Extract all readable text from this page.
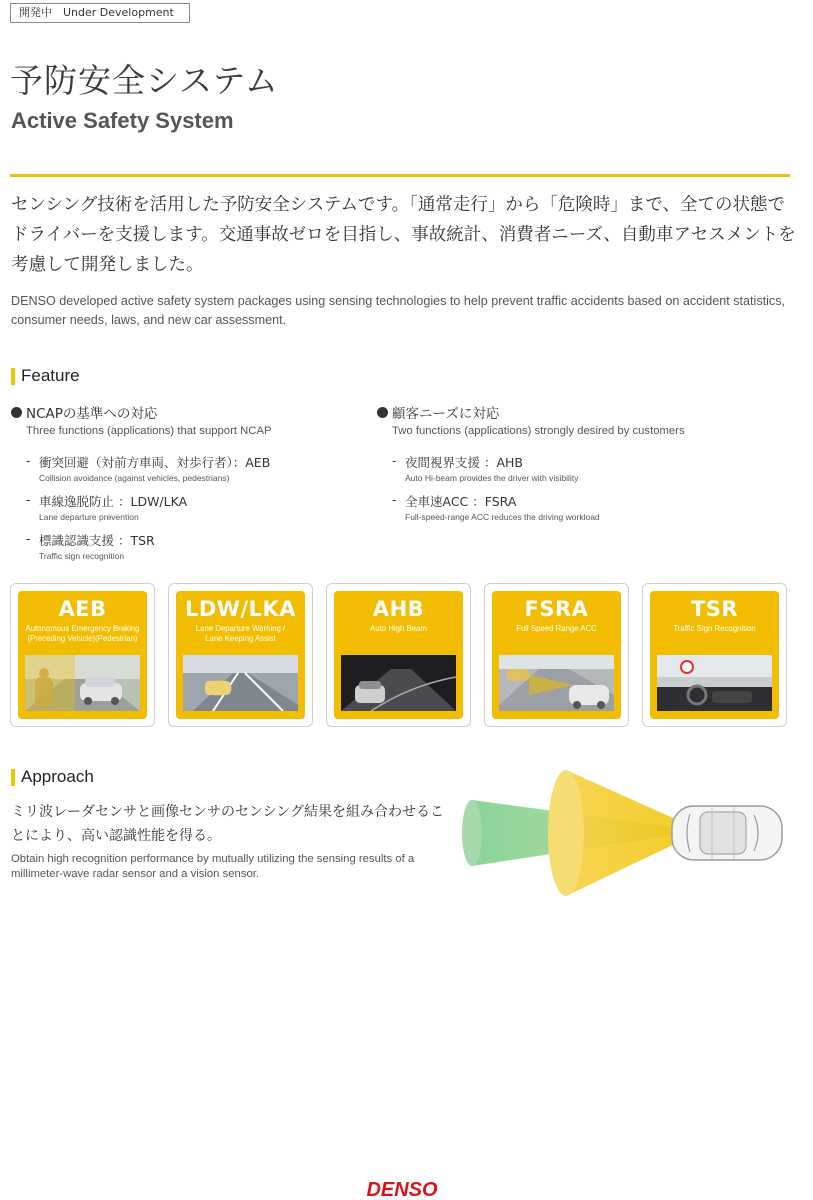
開発中　Under Development
予防安全システム
Active Safety System

センシング技術を活用した予防安全システムです。「通常走行」から「危険時」まで、全ての状態でドライバーを支援します。交通事故ゼロを目指し、事故統計、消費者ニーズ、自動車アセスメントを考慮して開発しました。

DENSO developed active safety system packages using sensing technologies to help prevent traffic accidents based on accident statistics, consumer needs, laws, and new car assessment.

Feature
NCAPの基準への対応
Three functions (applications) that support NCAP
- 衝突回避（対前方車両、対歩行者）：AEB
Collision avoidance (against vehicles, pedestrians)
- 車線逸脱防止 ：LDW/LKA
Lane departure prevention
- 標識認識支援 ：TSR
Traffic sign recognition
顧客ニーズに対応
Two functions (applications) strongly desired by customers
- 夜間視界支援 ：AHB
Auto Hi-beam provides the driver with visibility
- 全車速ACC ：FSRA
Full-speed-range ACC reduces the driving workload
AEB
Autonomous Emergency Braking
(Preceding Vehicle)(Pedestrian)
LDW/LKA
Lane Departure Warning /
Lane Keeping Assist
AHB
Auto High Beam
FSRA
Full Speed Range ACC
TSR
Traffic Sign Recognition
Approach

ミリ波レーダセンサと画像センサのセンシング結果を組み合わせることにより、高い認識性能を得る。

Obtain high recognition performance by mutually utilizing the sensing results of a millimeter-wave radar sensor and a vision sensor.

DENSO
